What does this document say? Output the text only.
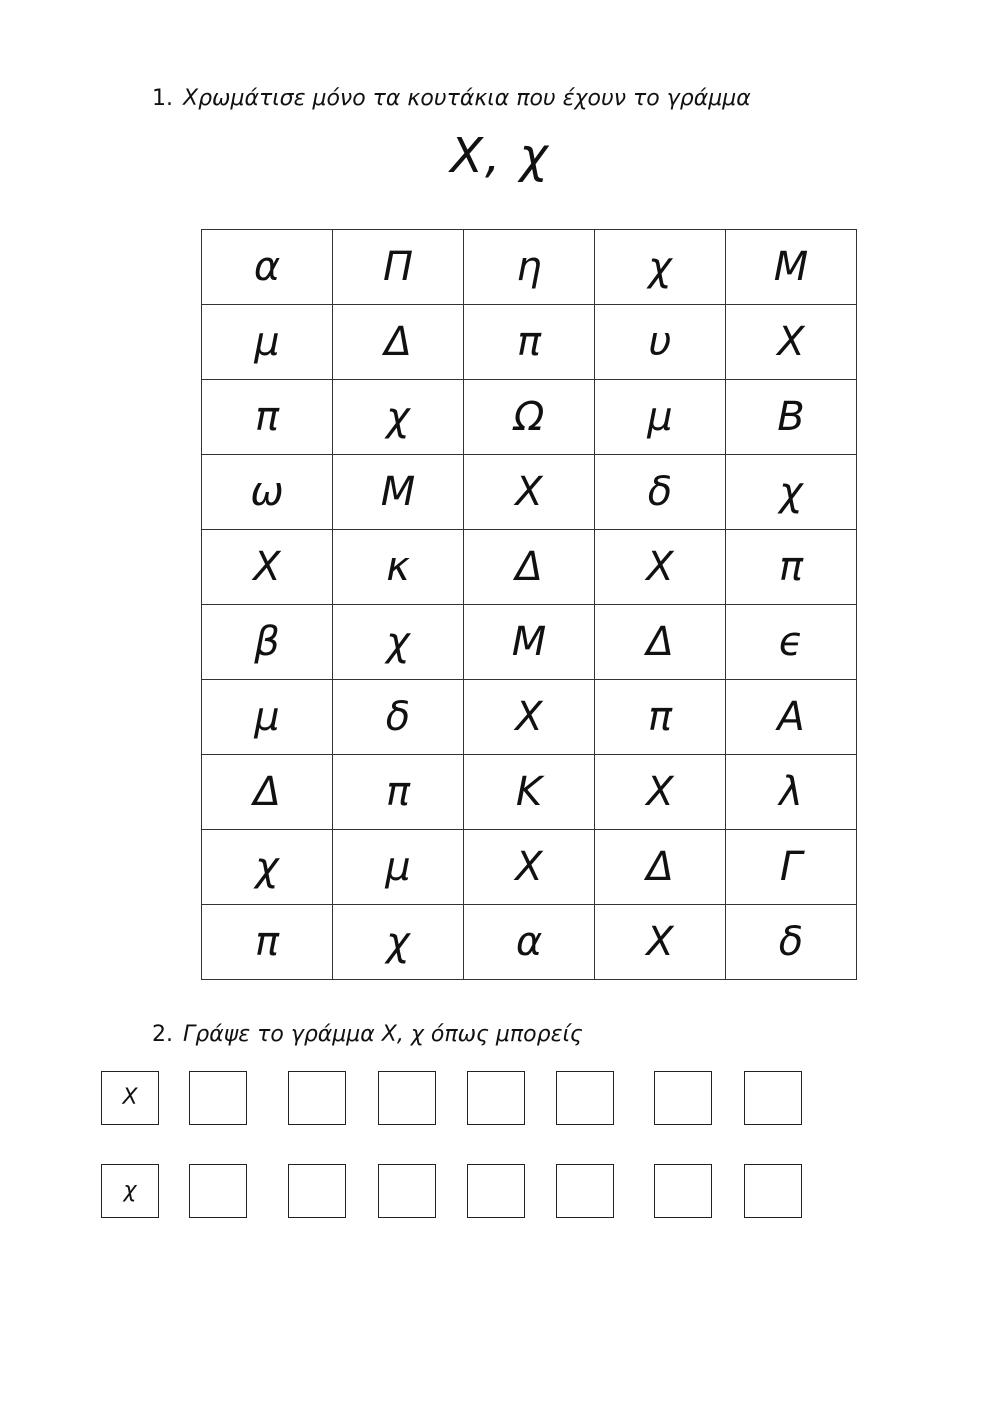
1. Χρωμάτισε μόνο τα κουτάκια που έχουν το γράμμα
Χ, χ
α	Π	η	χ	Μ
μ	Δ	π	υ	Χ
π	χ	Ω	μ	Β
ω	Μ	Χ	δ	χ
Χ	κ	Δ	Χ	π
β	χ	Μ	Δ	ϵ
μ	δ	Χ	π	Α
Δ	π	Κ	Χ	λ
χ	μ	Χ	Δ	Γ
π	χ	α	Χ	δ
2. Γράψε το γράμμα Χ, χ όπως μπορείς
Χ
χ
